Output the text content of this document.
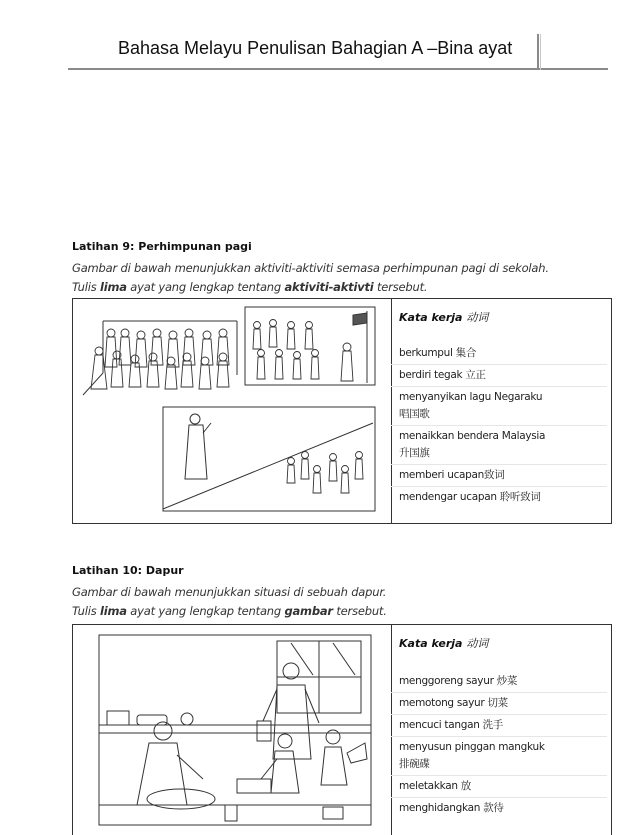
Bahasa Melayu Penulisan Bahagian A –Bina ayat
Latihan 9: Perhimpunan pagi
Gambar di bawah menunjukkan aktiviti-aktiviti semasa perhimpunan pagi di sekolah.
Tulis lima ayat yang lengkap tentang aktiviti-aktivti tersebut.
Kata kerja 动词
berkumpul 集合
berdiri tegak 立正
menyanyikan lagu Negaraku
唱国歌
menaikkan bendera Malaysia
升国旗
memberi ucapan致词
mendengar ucapan 聆听致词
Latihan 10: Dapur
Gambar di bawah menunjukkan situasi di sebuah dapur.
Tulis lima ayat yang lengkap tentang gambar tersebut.
Kata kerja 动词
menggoreng sayur 炒菜
memotong sayur 切菜
mencuci tangan 洗手
menyusun pinggan mangkuk
排碗碟
meletakkan 放
menghidangkan 款待
